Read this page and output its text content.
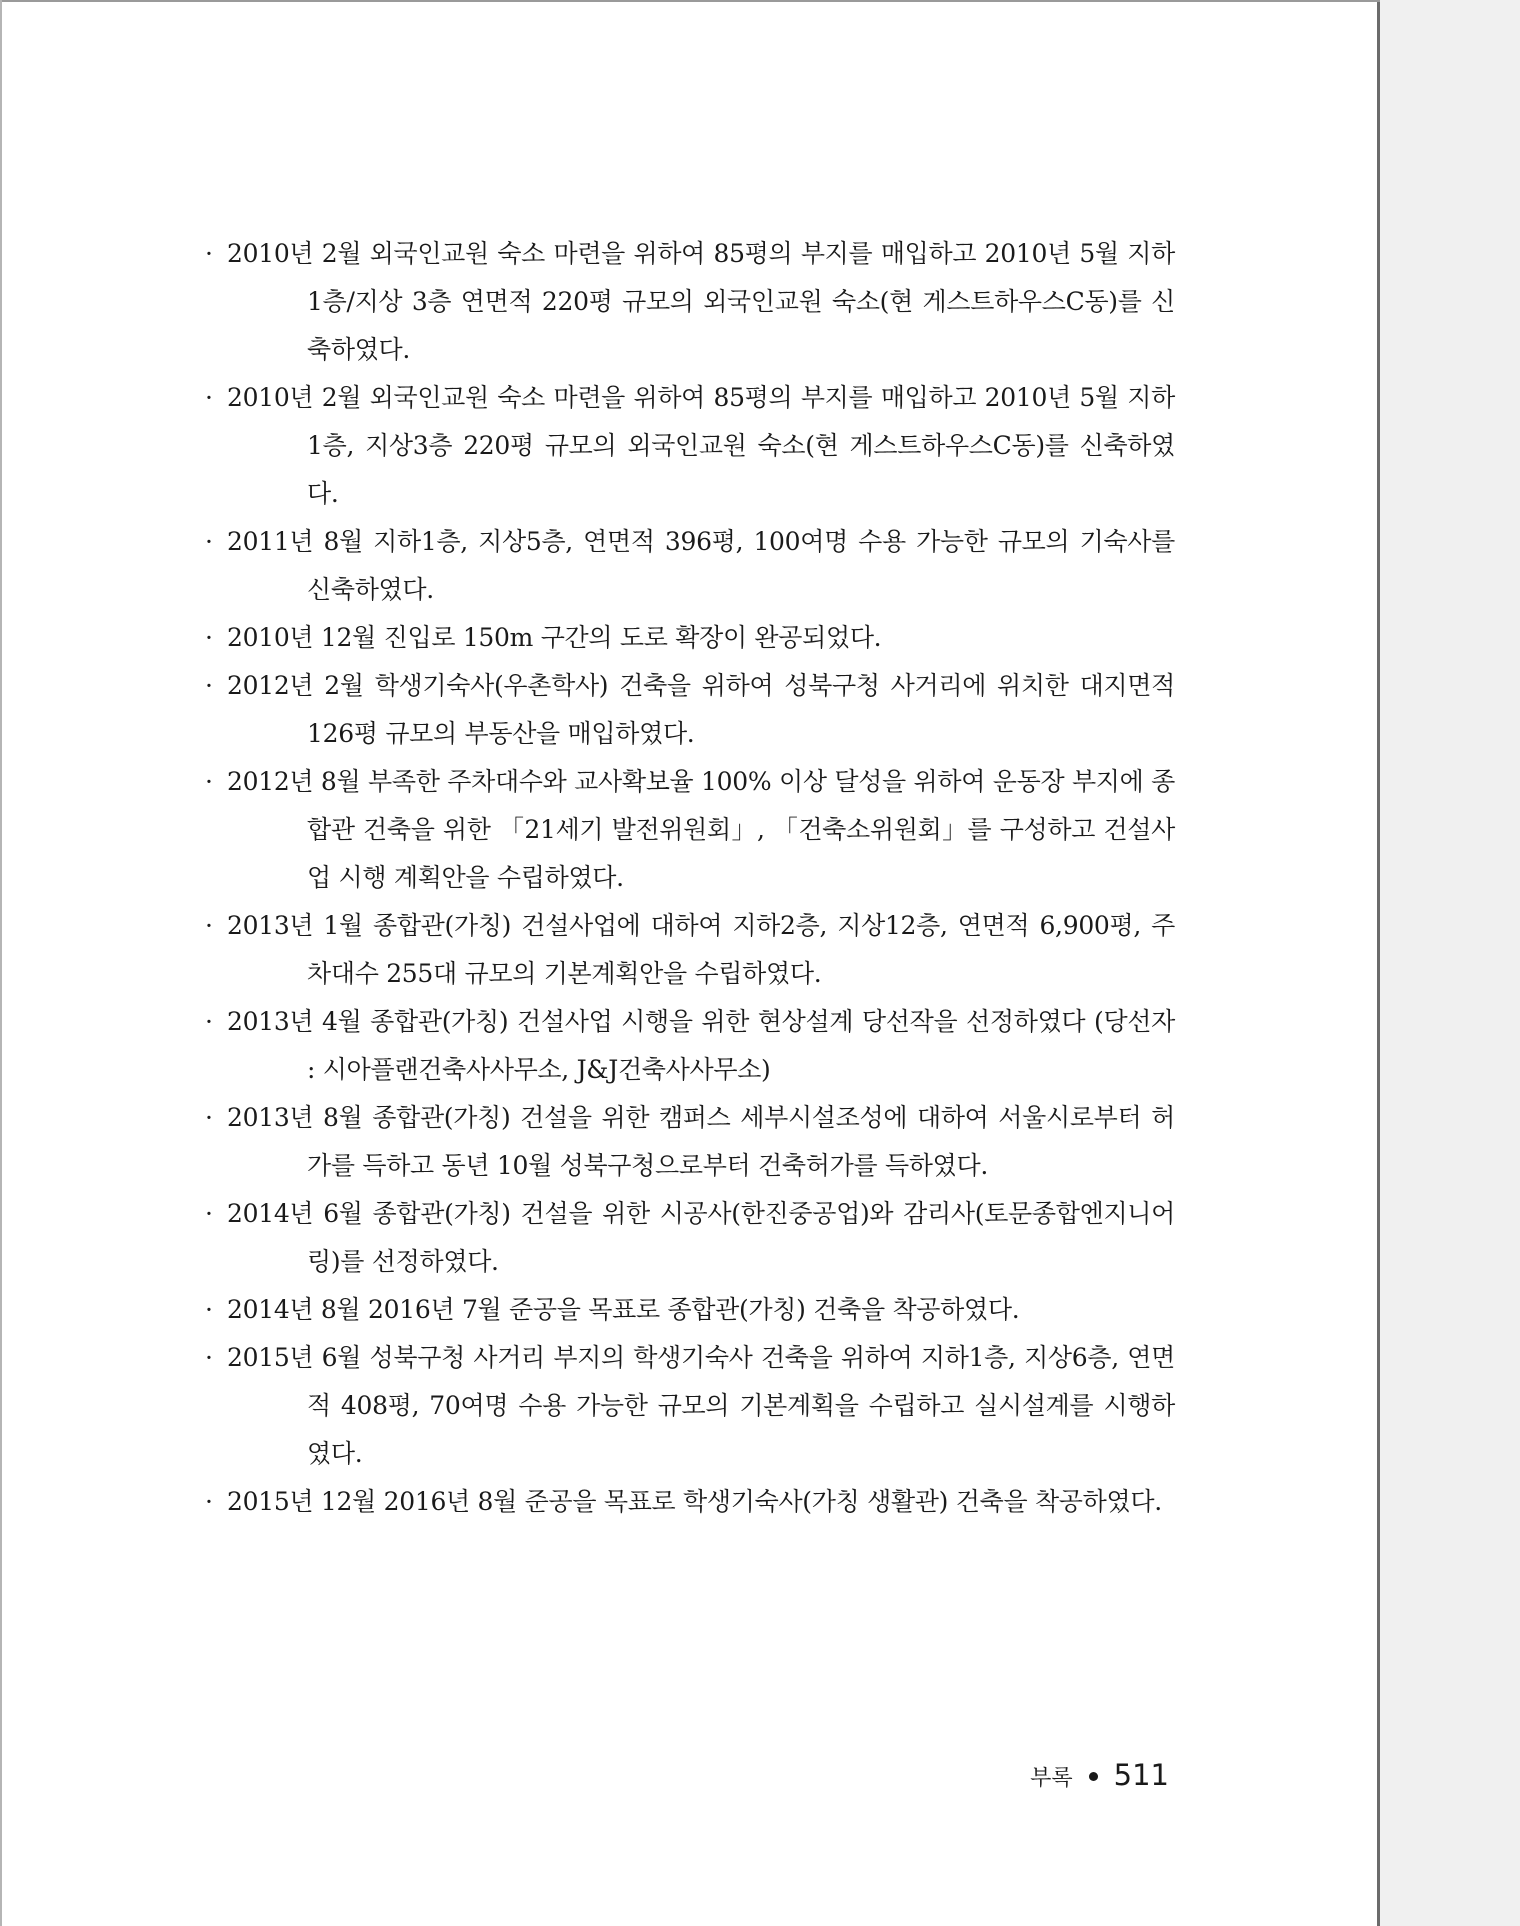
· 2010년 2월 외국인교원 숙소 마련을 위하여 85평의 부지를 매입하고 2010년 5월 지하 1층/지상 3층 연면적 220평 규모의 외국인교원 숙소(현 게스트하우스C동)를 신축하였다.

· 2010년 2월 외국인교원 숙소 마련을 위하여 85평의 부지를 매입하고 2010년 5월 지하1층, 지상3층 220평 규모의 외국인교원 숙소(현 게스트하우스C동)를 신축하였다.

· 2011년 8월 지하1층, 지상5층, 연면적 396평, 100여명 수용 가능한 규모의 기숙사를 신축하였다.

· 2010년 12월 진입로 150m 구간의 도로 확장이 완공되었다.

· 2012년 2월 학생기숙사(우촌학사) 건축을 위하여 성북구청 사거리에 위치한 대지면적 126평 규모의 부동산을 매입하였다.

· 2012년 8월 부족한 주차대수와 교사확보율 100% 이상 달성을 위하여 운동장 부지에 종합관 건축을 위한 「21세기 발전위원회」, 「건축소위원회」를 구성하고 건설사업 시행 계획안을 수립하였다.

· 2013년 1월 종합관(가칭) 건설사업에 대하여 지하2층, 지상12층, 연면적 6,900평, 주차대수 255대 규모의 기본계획안을 수립하였다.

· 2013년 4월 종합관(가칭) 건설사업 시행을 위한 현상설계 당선작을 선정하였다 (당선자 : 시아플랜건축사사무소, J&J건축사사무소)

· 2013년 8월 종합관(가칭) 건설을 위한 캠퍼스 세부시설조성에 대하여 서울시로부터 허가를 득하고 동년 10월 성북구청으로부터 건축허가를 득하였다.

· 2014년 6월 종합관(가칭) 건설을 위한 시공사(한진중공업)와 감리사(토문종합엔지니어링)를 선정하였다.

· 2014년 8월 2016년 7월 준공을 목표로 종합관(가칭) 건축을 착공하였다.

· 2015년 6월 성북구청 사거리 부지의 학생기숙사 건축을 위하여 지하1층, 지상6층, 연면적 408평, 70여명 수용 가능한 규모의 기본계획을 수립하고 실시설계를 시행하였다.

· 2015년 12월 2016년 8월 준공을 목표로 학생기숙사(가칭 생활관) 건축을 착공하였다.

부록 511
